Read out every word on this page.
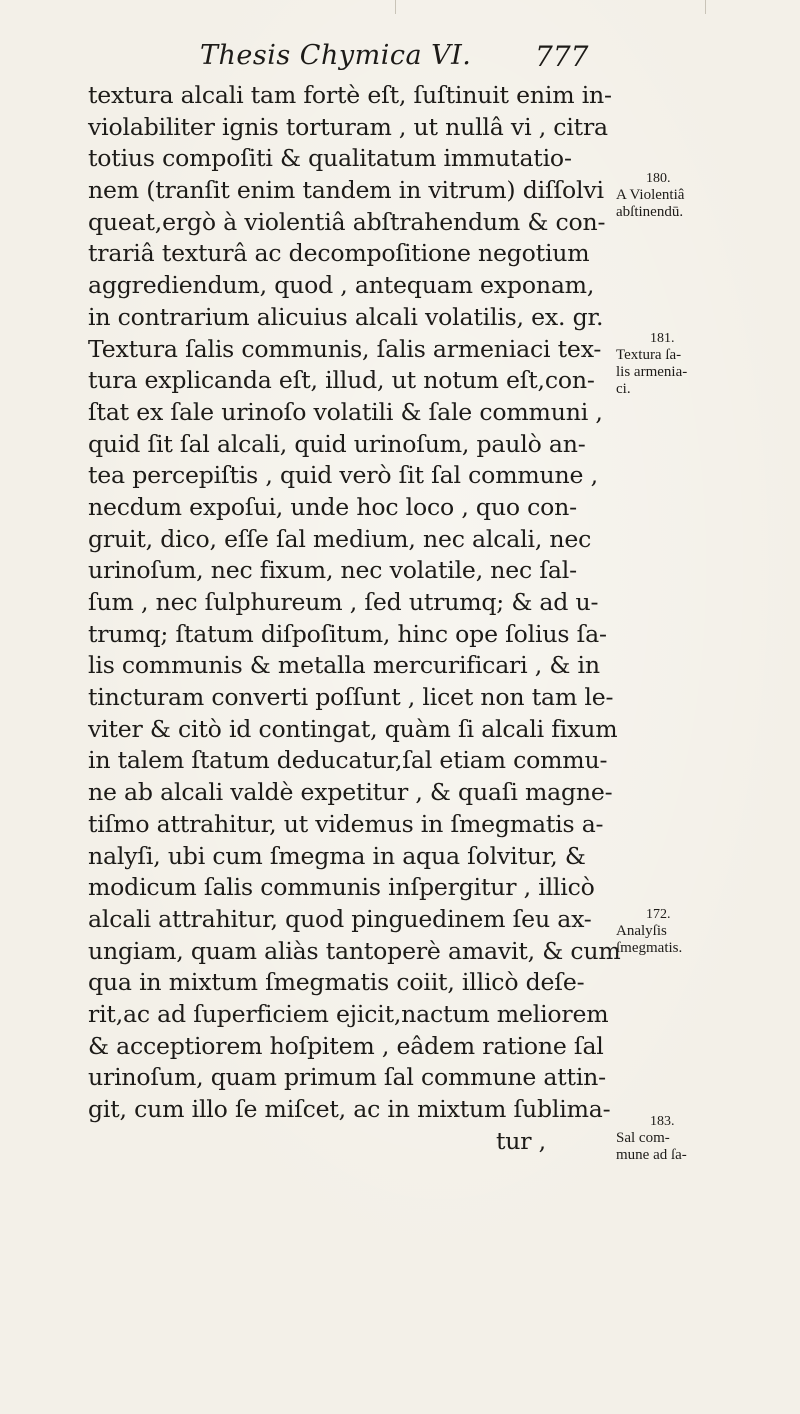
Thesis Chymica VI. 777
textura alcali tam fortè eſt, ſuſtinuit enim in-
violabiliter ignis torturam , ut nullâ vi , citra
totius compoſiti & qualitatum immutatio-
nem (tranſit enim tandem in vitrum) diſſolvi
queat,ergò à violentiâ abſtrahendum & con-
trariâ texturâ ac decompoſitione negotium
aggrediendum, quod , antequam exponam,
in contrarium alicuius alcali volatilis, ex. gr.
Textura ſalis communis, ſalis armeniaci tex-
tura explicanda eſt, illud, ut notum eſt,con-
ſtat ex ſale urinoſo volatili & ſale communi ,
quid ſit ſal alcali, quid urinoſum, paulò an-
tea percepiſtis , quid verò ſit ſal commune ,
necdum expoſui, unde hoc loco , quo con-
gruit, dico, eſſe ſal medium, nec alcali, nec
urinoſum, nec fixum, nec volatile, nec ſal-
ſum , nec ſulphureum , ſed utrumq; & ad u-
trumq; ſtatum diſpoſitum, hinc ope ſolius ſa-
lis communis & metalla mercurificari , & in
tincturam converti poſſunt , licet non tam le-
viter & citò id contingat, quàm ſi alcali fixum
in talem ſtatum deducatur,ſal etiam commu-
ne ab alcali valdè expetitur , & quaſi magne-
tiſmo attrahitur, ut videmus in ſmegmatis a-
nalyſi, ubi cum ſmegma in aqua ſolvitur, &
modicum ſalis communis inſpergitur , illicò
alcali attrahitur, quod pinguedinem ſeu ax-
ungiam, quam aliàs tantoperè amavit, & cum
qua in mixtum ſmegmatis coiit, illicò deſe-
rit,ac ad ſuperficiem ejicit,nactum meliorem
& acceptiorem hoſpitem , eâdem ratione ſal
urinoſum, quam primum ſal commune attin-
git, cum illo ſe miſcet, ac in mixtum ſublima-
tur ,
180.
A Violentiâ
abſtinendū.
181.
Textura ſa-
lis armenia-
ci.
172.
Analyſis
ſmegmatis.
183.
Sal com-
mune ad ſa-
